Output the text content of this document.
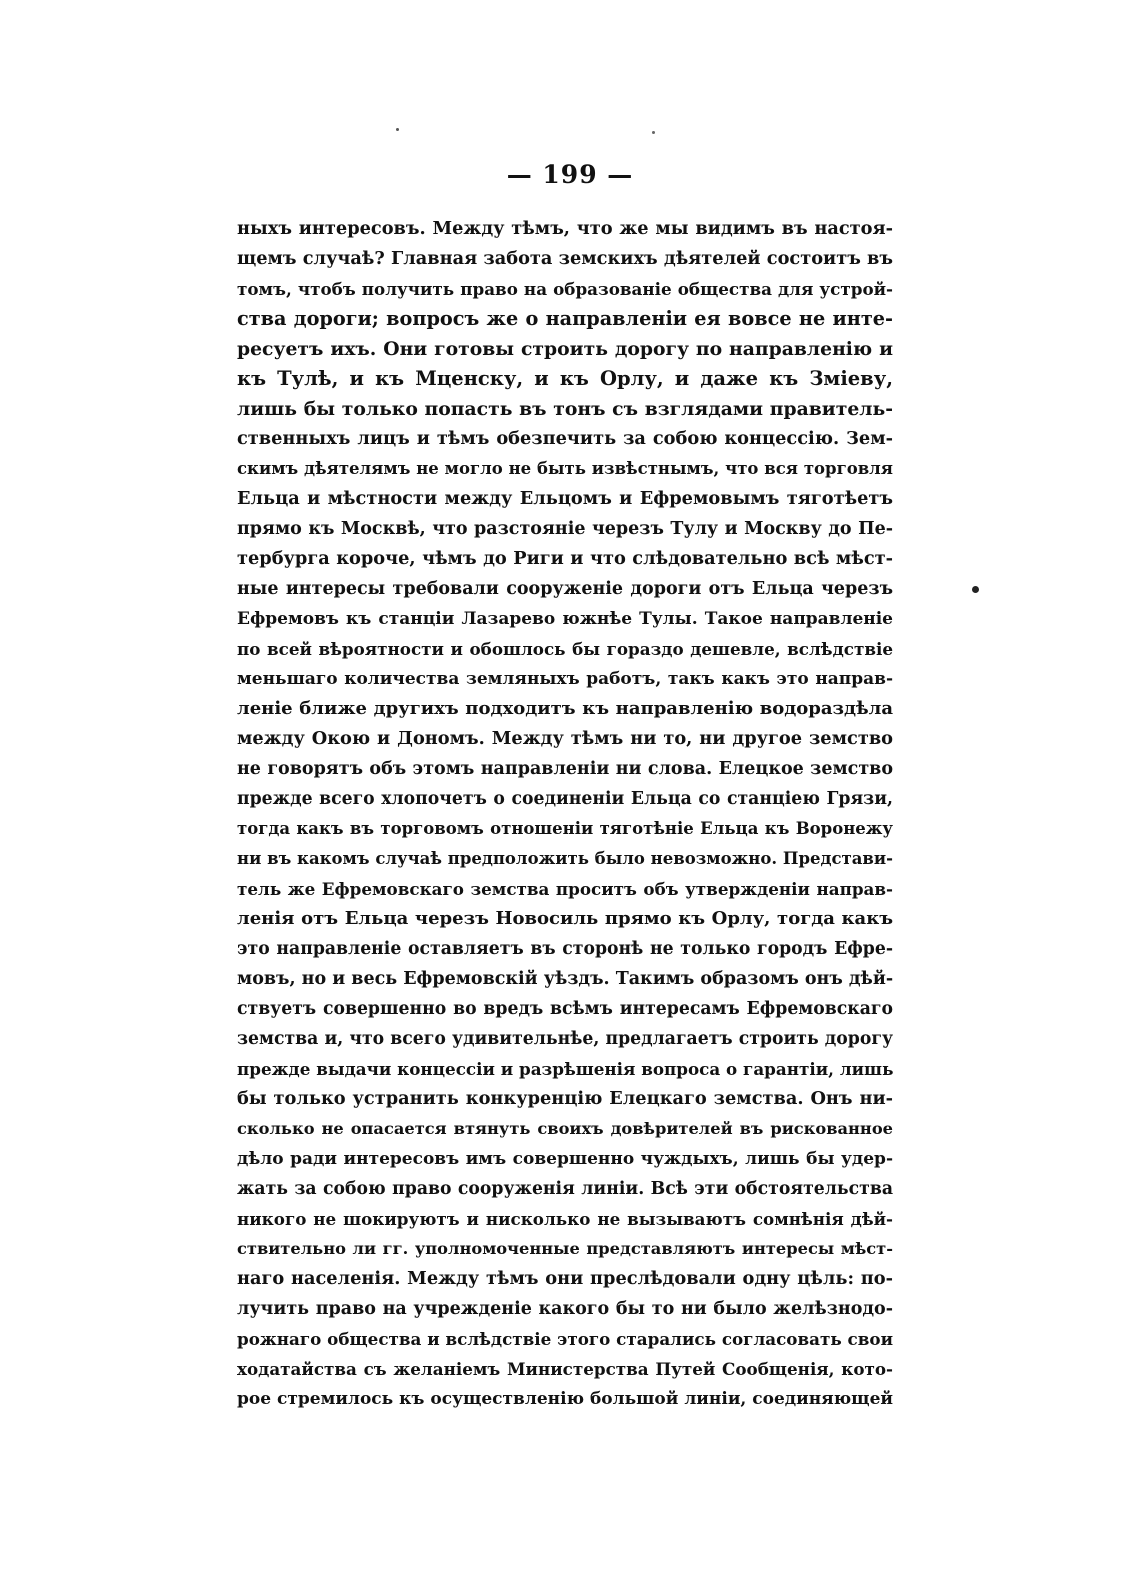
— 199 —
ныхъ интересовъ. Между тѣмъ, что же мы видимъ въ настоя-
щемъ случаѣ? Главная забота земскихъ дѣятелей состоитъ въ
томъ, чтобъ получить право на образованіе общества для устрой-
ства дороги; вопросъ же о направленіи ея вовсе не инте-
ресуетъ ихъ. Они готовы строить дорогу по направленію и
къ Тулѣ, и къ Мценску, и къ Орлу, и даже къ Зміеву,
лишь бы только попасть въ тонъ съ взглядами правитель-
ственныхъ лицъ и тѣмъ обезпечить за собою концессію. Зем-
скимъ дѣятелямъ не могло не быть извѣстнымъ, что вся торговля
Ельца и мѣстности между Ельцомъ и Ефремовымъ тяготѣетъ
прямо къ Москвѣ, что разстояніе черезъ Тулу и Москву до Пе-
тербурга короче, чѣмъ до Риги и что слѣдовательно всѣ мѣст-
ные интересы требовали сооруженіе дороги отъ Ельца черезъ
Ефремовъ къ станціи Лазарево южнѣе Тулы. Такое направленіе
по всей вѣроятности и обошлось бы гораздо дешевле, вслѣдствіе
меньшаго количества земляныхъ работъ, такъ какъ это направ-
леніе ближе другихъ подходитъ къ направленію водораздѣла
между Окою и Дономъ. Между тѣмъ ни то, ни другое земство
не говорятъ объ этомъ направленіи ни слова. Елецкое земство
прежде всего хлопочетъ о соединеніи Ельца со станціею Грязи,
тогда какъ въ торговомъ отношеніи тяготѣніе Ельца къ Воронежу
ни въ какомъ случаѣ предположить было невозможно. Представи-
тель же Ефремовскаго земства проситъ объ утвержденіи направ-
ленія отъ Ельца черезъ Новосиль прямо къ Орлу, тогда какъ
это направленіе оставляетъ въ сторонѣ не только городъ Ефре-
мовъ, но и весь Ефремовскій уѣздъ. Такимъ образомъ онъ дѣй-
ствуетъ совершенно во вредъ всѣмъ интересамъ Ефремовскаго
земства и, что всего удивительнѣе, предлагаетъ строить дорогу
прежде выдачи концессіи и разрѣшенія вопроса о гарантіи, лишь
бы только устранить конкуренцію Елецкаго земства. Онъ ни-
сколько не опасается втянуть своихъ довѣрителей въ рискованное
дѣло ради интересовъ имъ совершенно чуждыхъ, лишь бы удер-
жать за собою право сооруженія линіи. Всѣ эти обстоятельства
никого не шокируютъ и нисколько не вызываютъ сомнѣнія дѣй-
ствительно ли гг. уполномоченные представляютъ интересы мѣст-
наго населенія. Между тѣмъ они преслѣдовали одну цѣль: по-
лучить право на учрежденіе какого бы то ни было желѣзнодо-
рожнаго общества и вслѣдствіе этого старались согласовать свои
ходатайства съ желаніемъ Министерства Путей Сообщенія, кото-
рое стремилось къ осуществленію большой линіи, соединяющей
